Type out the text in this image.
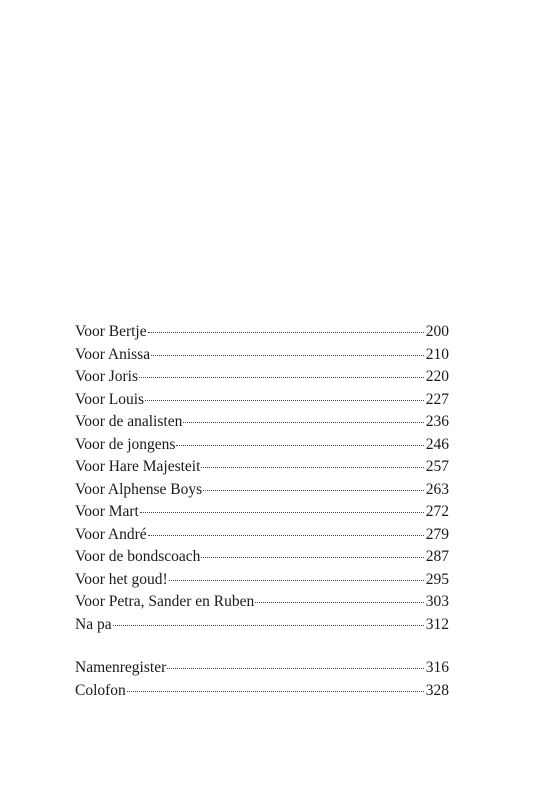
Voor Bertje	200
Voor Anissa	210
Voor Joris	220
Voor Louis	227
Voor de analisten	236
Voor de jongens	246
Voor Hare Majesteit	257
Voor Alphense Boys	263
Voor Mart	272
Voor André	279
Voor de bondscoach	287
Voor het goud!	295
Voor Petra, Sander en Ruben	303
Na pa	312
Namenregister	316
Colofon	328
